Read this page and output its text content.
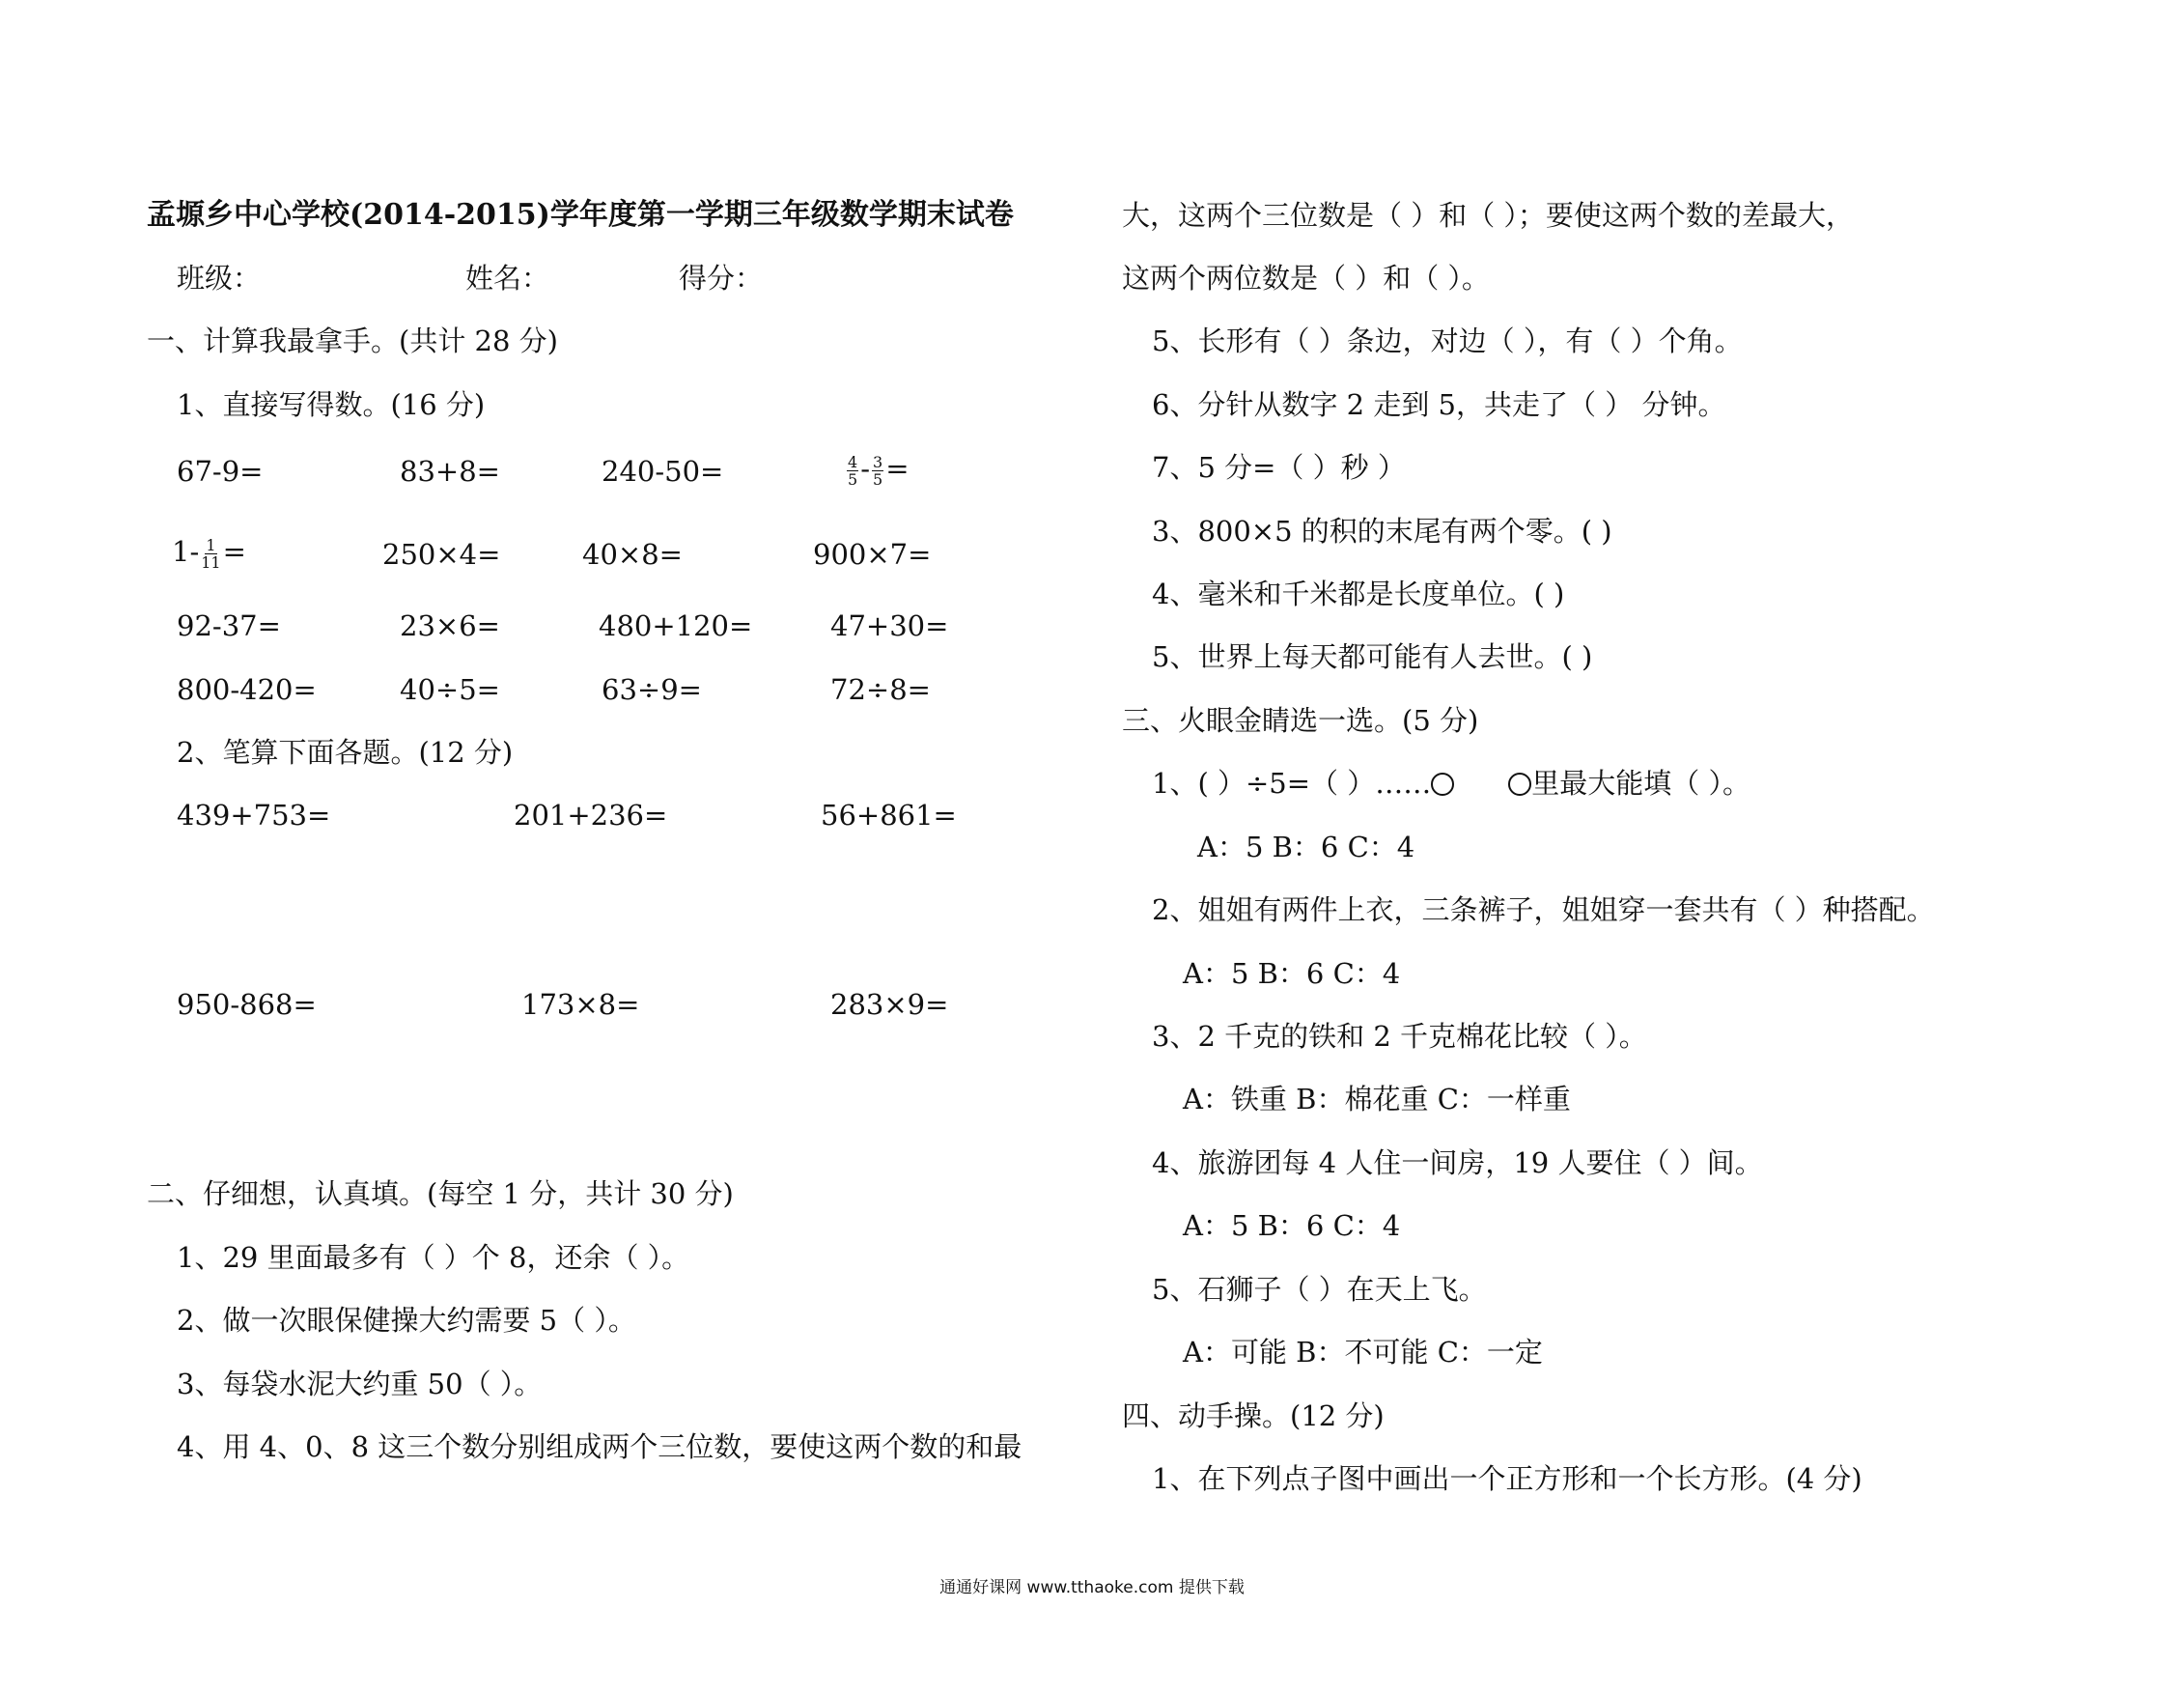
孟塬乡中心学校(2014-2015)学年度第一学期三年级数学期末试卷
班级：	姓名：	得分：
一、计算我最拿手。(共计 28 分)
1、直接写得数。(16 分)
67-9=	83+8=	240-50=	$\frac{4}{5} - \frac{3}{5}$ =
$1- \frac{1}{11}$ =	250×4=	40×8=	900×7=
92-37=	23×6=	480+120=	47+30=
800-420=	40÷5=	63÷9=	72÷8=
2、笔算下面各题。(12 分)
439+753=	201+236=	56+861=
950-868=	173×8=	283×9=
二、仔细想，认真填。(每空 1 分，共计 30 分)
1、29 里面最多有（ ）个 8，还余（ ）。
2、做一次眼保健操大约需要 5（ ）。
3、每袋水泥大约重 50（ ）。
4、用 4、0、8 这三个数分别组成两个三位数，要使这两个数的和最
大，这两个三位数是（ ）和（ ）；要使这两个数的差最大，
这两个两位数是（ ）和（ ）。
5、长形有（ ）条边，对边（ ），有（ ）个角。
6、分针从数字 2 走到 5，共走了（ ） 分钟。
7、5 分=（ ）秒 ）
3、800×5 的积的末尾有两个零。( )
4、毫米和千米都是长度单位。( )
5、世界上每天都可能有人去世。( )
三、火眼金睛选一选。(5 分)
1、( ）÷5=（ ）……	里最大能填（ ）。
A：5 B：6 C：4
2、姐姐有两件上衣，三条裤子，姐姐穿一套共有（ ）种搭配。
A：5 B：6 C：4
3、2 千克的铁和 2 千克棉花比较（ ）。
A：铁重 B：棉花重 C：一样重
4、旅游团每 4 人住一间房，19 人要住（ ）间。
A：5 B：6 C：4
5、石狮子（ ）在天上飞。
A：可能 B：不可能 C：一定
四、动手操。(12 分)
1、在下列点子图中画出一个正方形和一个长方形。(4 分)
通通好课网 www.tthaoke.com 提供下载
